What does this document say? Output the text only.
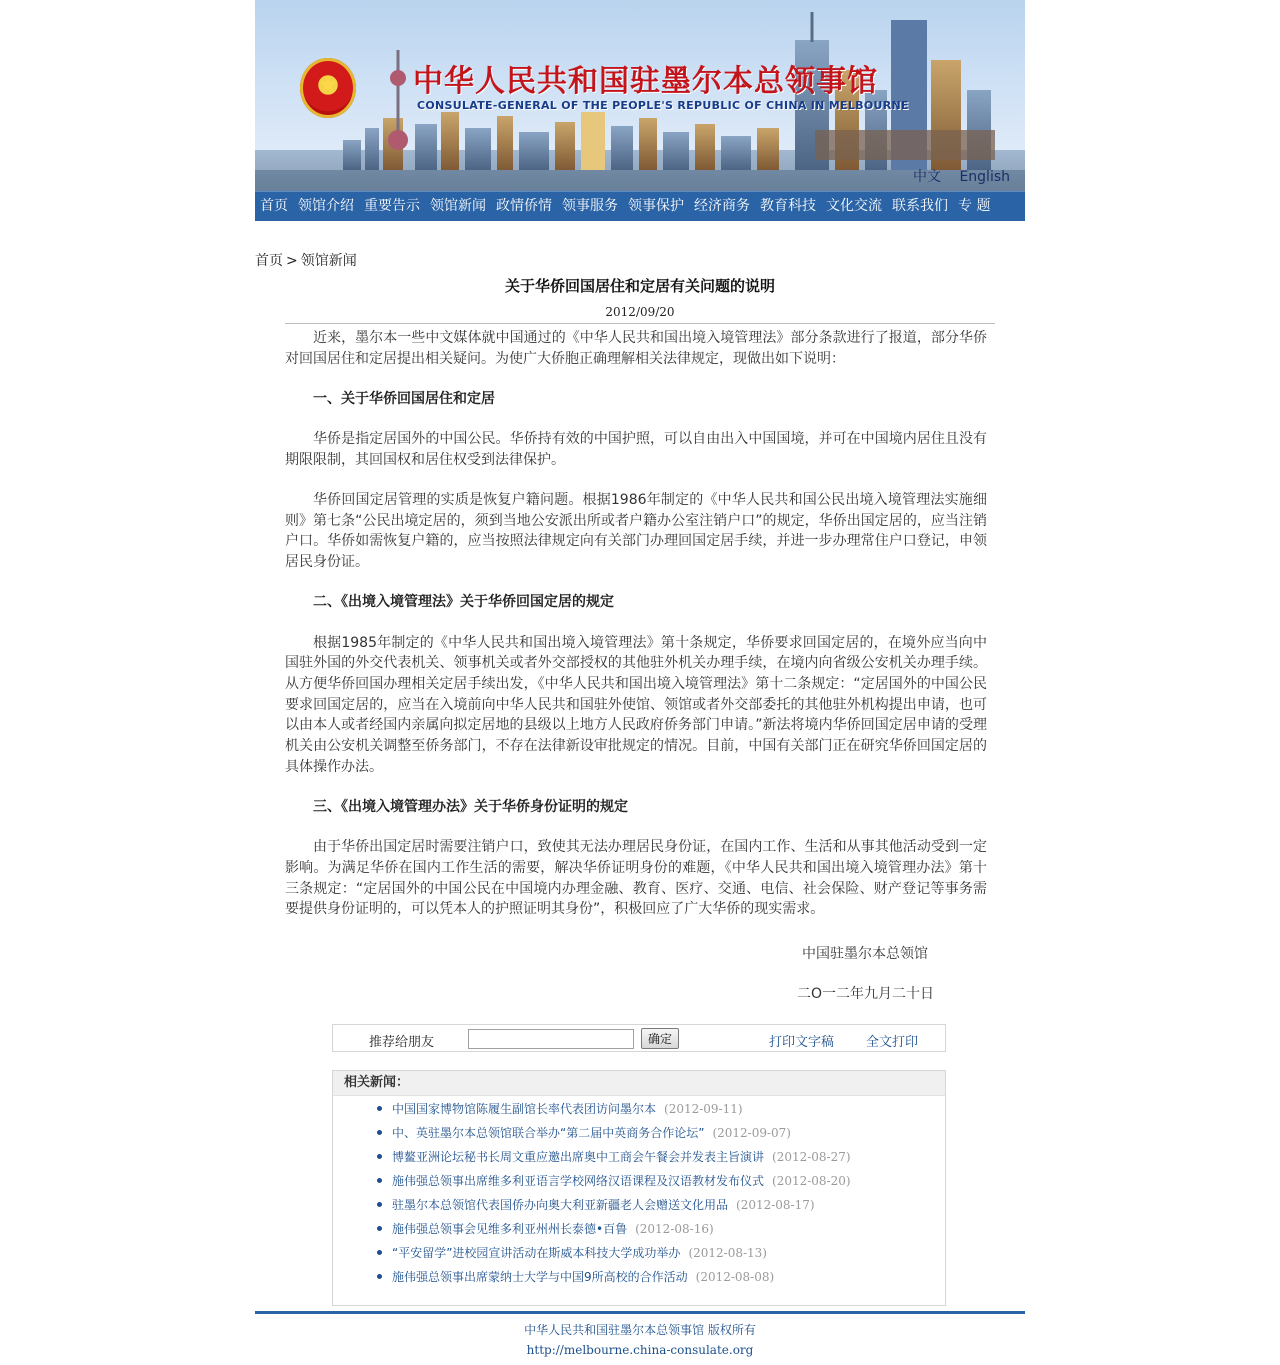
★
中华人民共和国驻墨尔本总领事馆
CONSULATE-GENERAL OF THE PEOPLE'S REPUBLIC OF CHINA IN MELBOURNE
中文 English
首页 领馆介绍 重要告示 领馆新闻 政情侨情 领事服务 领事保护 经济商务 教育科技 文化交流 联系我们 专 题
首页 > 领馆新闻
关于华侨回国居住和定居有关问题的说明
2012/09/20

近来，墨尔本一些中文媒体就中国通过的《中华人民共和国出境入境管理法》部分条款进行了报道，部分华侨对回国居住和定居提出相关疑问。为使广大侨胞正确理解相关法律规定，现做出如下说明：

一、关于华侨回国居住和定居

华侨是指定居国外的中国公民。华侨持有效的中国护照，可以自由出入中国国境，并可在中国境内居住且没有期限限制，其回国权和居住权受到法律保护。

华侨回国定居管理的实质是恢复户籍问题。根据1986年制定的《中华人民共和国公民出境入境管理法实施细则》第七条“公民出境定居的，须到当地公安派出所或者户籍办公室注销户口”的规定，华侨出国定居的，应当注销户口。华侨如需恢复户籍的，应当按照法律规定向有关部门办理回国定居手续，并进一步办理常住户口登记，申领居民身份证。

二、《出境入境管理法》关于华侨回国定居的规定

根据1985年制定的《中华人民共和国出境入境管理法》第十条规定，华侨要求回国定居的，在境外应当向中国驻外国的外交代表机关、领事机关或者外交部授权的其他驻外机关办理手续，在境内向省级公安机关办理手续。从方便华侨回国办理相关定居手续出发，《中华人民共和国出境入境管理法》第十二条规定：“定居国外的中国公民要求回国定居的，应当在入境前向中华人民共和国驻外使馆、领馆或者外交部委托的其他驻外机构提出申请，也可以由本人或者经国内亲属向拟定居地的县级以上地方人民政府侨务部门申请。”新法将境内华侨回国定居申请的受理机关由公安机关调整至侨务部门，不存在法律新设审批规定的情况。目前，中国有关部门正在研究华侨回国定居的具体操作办法。

三、《出境入境管理办法》关于华侨身份证明的规定

由于华侨出国定居时需要注销户口，致使其无法办理居民身份证，在国内工作、生活和从事其他活动受到一定影响。为满足华侨在国内工作生活的需要，解决华侨证明身份的难题，《中华人民共和国出境入境管理办法》第十三条规定：“定居国外的中国公民在中国境内办理金融、教育、医疗、交通、电信、社会保险、财产登记等事务需要提供身份证明的，可以凭本人的护照证明其身份”，积极回应了广大华侨的现实需求。

中国驻墨尔本总领馆
二O一二年九月二十日
推荐给朋友	确定	打印文字稿 全文打印
相关新闻：
中国国家博物馆陈履生副馆长率代表团访问墨尔本 (2012-09-11)
中、英驻墨尔本总领馆联合举办“第二届中英商务合作论坛” (2012-09-07)
博鳌亚洲论坛秘书长周文重应邀出席奥中工商会午餐会并发表主旨演讲 (2012-08-27)
施伟强总领事出席维多利亚语言学校网络汉语课程及汉语教材发布仪式 (2012-08-20)
驻墨尔本总领馆代表国侨办向奥大利亚新疆老人会赠送文化用品 (2012-08-17)
施伟强总领事会见维多利亚州州长泰德•百鲁 (2012-08-16)
“平安留学”进校园宣讲活动在斯威本科技大学成功举办 (2012-08-13)
施伟强总领事出席蒙纳士大学与中国9所高校的合作活动 (2012-08-08)
中华人民共和国驻墨尔本总领事馆 版权所有
http://melbourne.china-consulate.org
